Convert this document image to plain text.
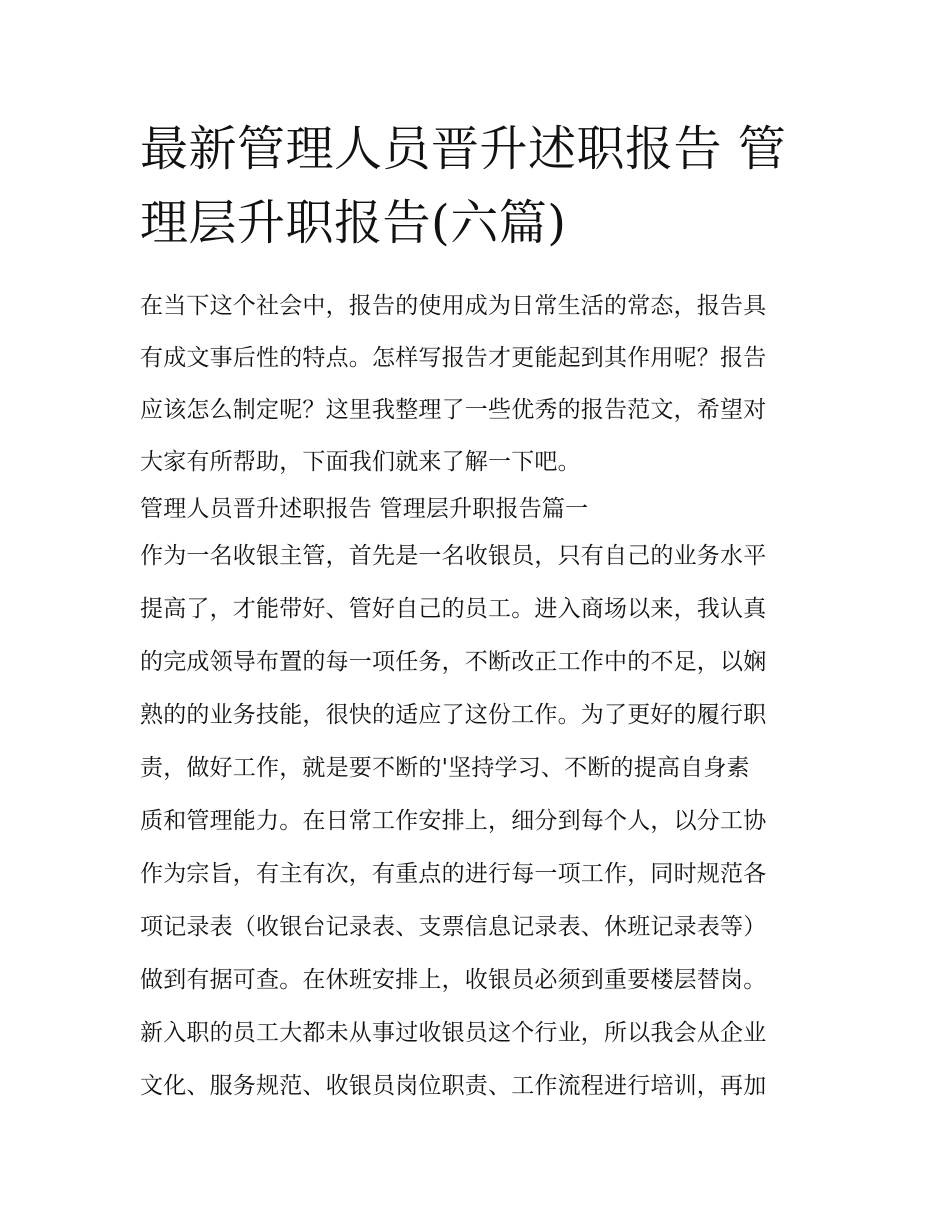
最新管理人员晋升述职报告 管
理层升职报告(六篇)
在当下这个社会中，报告的使用成为日常生活的常态，报告具
有成文事后性的特点。怎样写报告才更能起到其作用呢？报告
应该怎么制定呢？这里我整理了一些优秀的报告范文，希望对
大家有所帮助，下面我们就来了解一下吧。
管理人员晋升述职报告 管理层升职报告篇一
作为一名收银主管，首先是一名收银员，只有自己的业务水平
提高了，才能带好、管好自己的员工。进入商场以来，我认真
的完成领导布置的每一项任务，不断改正工作中的不足，以娴
熟的的业务技能，很快的适应了这份工作。为了更好的履行职
责，做好工作，就是要不断的'坚持学习、不断的提高自身素
质和管理能力。在日常工作安排上，细分到每个人，以分工协
作为宗旨，有主有次，有重点的进行每一项工作，同时规范各
项记录表（收银台记录表、支票信息记录表、休班记录表等）
做到有据可查。在休班安排上，收银员必须到重要楼层替岗。
新入职的员工大都未从事过收银员这个行业，所以我会从企业
文化、服务规范、收银员岗位职责、工作流程进行培训，再加
